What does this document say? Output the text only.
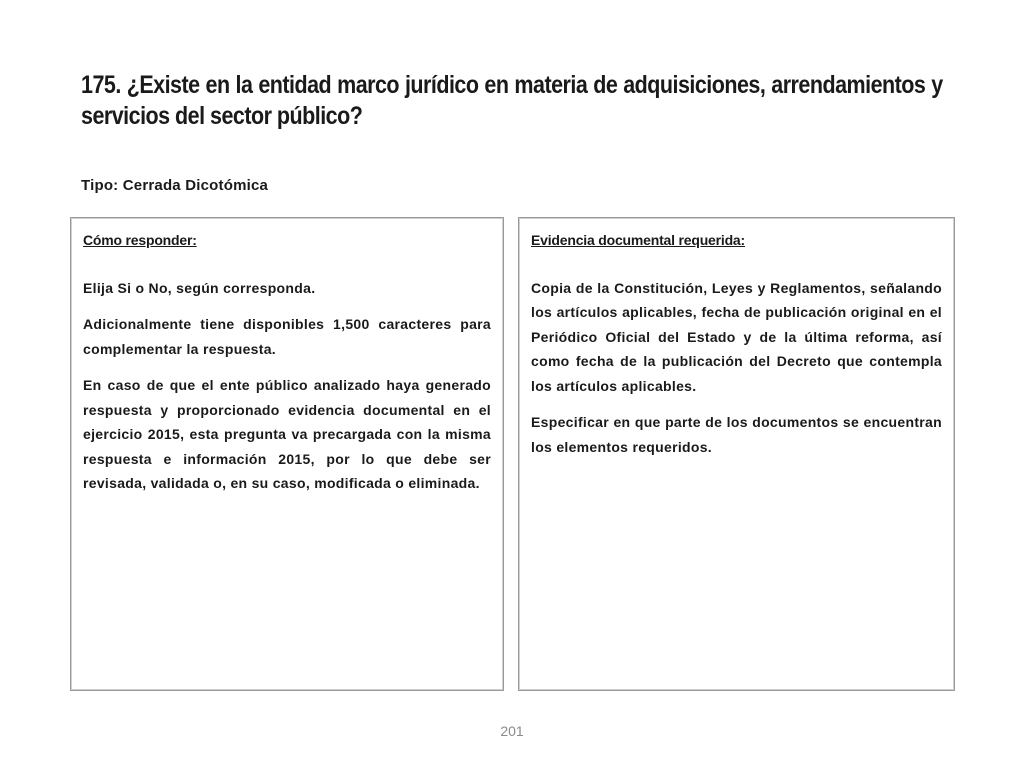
175. ¿Existe en la entidad marco jurídico en materia de adquisiciones, arrendamientos y servicios del sector público?

Tipo: Cerrada Dicotómica

Cómo responder:

Elija Si o No, según corresponda.

Adicionalmente tiene disponibles 1,500 caracteres para complementar la respuesta.

En caso de que el ente público analizado haya generado respuesta y proporcionado evidencia documental en el ejercicio 2015, esta pregunta va precargada con la misma respuesta e información 2015, por lo que debe ser revisada, validada o, en su caso, modificada o eliminada.

Evidencia documental requerida:

Copia de la Constitución, Leyes y Reglamentos, señalando los artículos aplicables, fecha de publicación original en el Periódico Oficial del Estado y de la última reforma, así como fecha de la publicación del Decreto que contempla los artículos aplicables.

Especificar en que parte de los documentos se encuentran los elementos requeridos.

201
